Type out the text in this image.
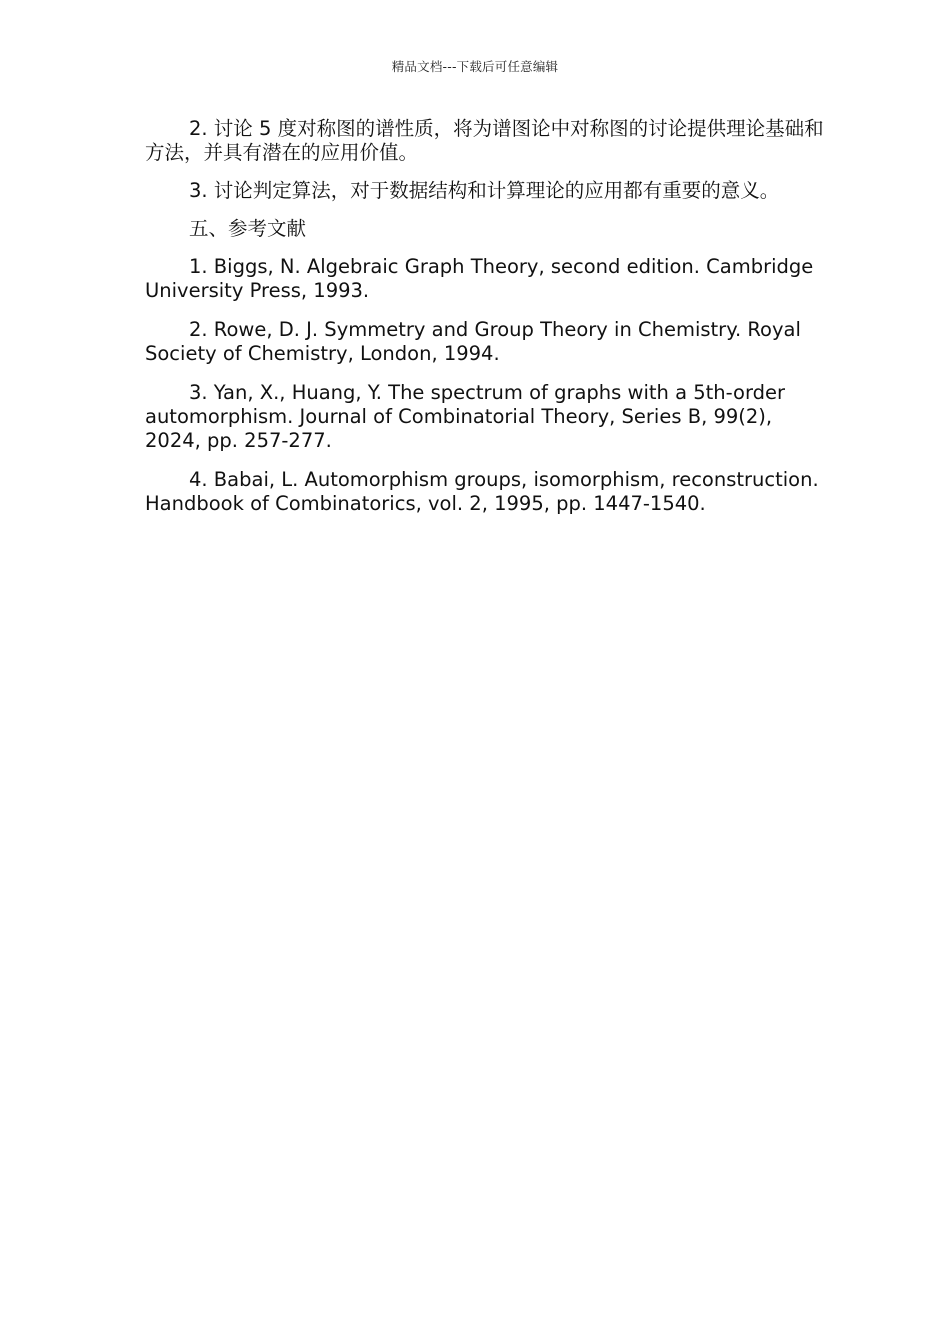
精品文档---下载后可任意编辑

2. 讨论 5 度对称图的谱性质，将为谱图论中对称图的讨论提供理论基础和方法，并具有潜在的应用价值。

3. 讨论判定算法，对于数据结构和计算理论的应用都有重要的意义。

五、参考文献

1. Biggs, N. Algebraic Graph Theory, second edition. Cambridge University Press, 1993.

2. Rowe, D. J. Symmetry and Group Theory in Chemistry. Royal Society of Chemistry, London, 1994.

3. Yan, X., Huang, Y. The spectrum of graphs with a 5th-order automorphism. Journal of Combinatorial Theory, Series B, 99(2), 2024, pp. 257-277.

4. Babai, L. Automorphism groups, isomorphism, reconstruction. Handbook of Combinatorics, vol. 2, 1995, pp. 1447-1540.
